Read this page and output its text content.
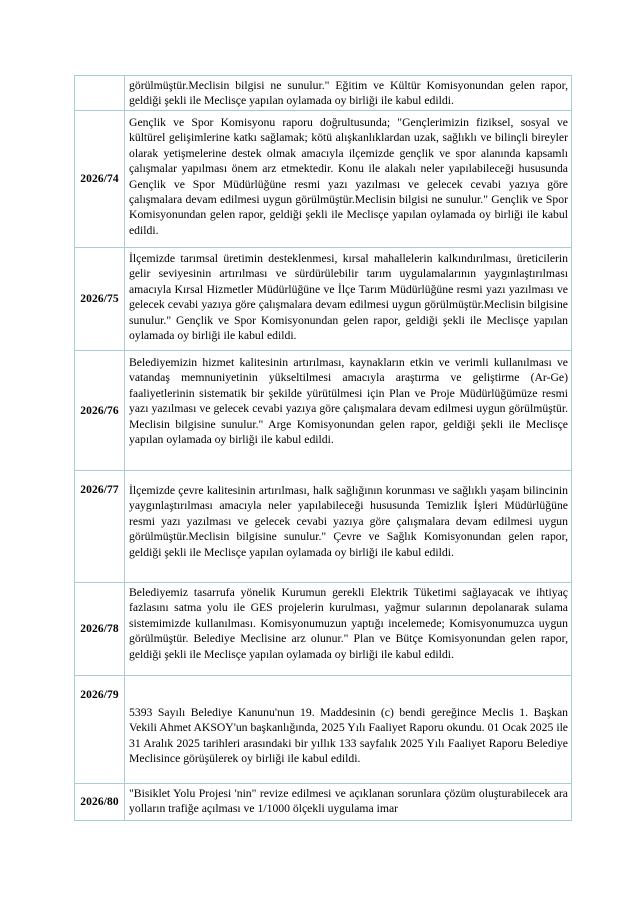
görülmüştür.Meclisin bilgisi ne sunulur." Eğitim ve Kültür Komisyonundan gelen rapor, geldiği şekli ile Meclisçe yapılan oylamada oy birliği ile kabul edildi.
2026/74
Gençlik ve Spor Komisyonu raporu doğrultusunda; "Gençlerimizin fiziksel, sosyal ve kültürel gelişimlerine katkı sağlamak; kötü alışkanlıklardan uzak, sağlıklı ve bilinçli bireyler olarak yetişmelerine destek olmak amacıyla ilçemizde gençlik ve spor alanında kapsamlı çalışmalar yapılması önem arz etmektedir. Konu ile alakalı neler yapılabileceği hususunda Gençlik ve Spor Müdürlüğüne resmi yazı yazılması ve gelecek cevabi yazıya göre çalışmalara devam edilmesi uygun görülmüştür.Meclisin bilgisi ne sunulur." Gençlik ve Spor Komisyonundan gelen rapor, geldiği şekli ile Meclisçe yapılan oylamada oy birliği ile kabul edildi.
2026/75
İlçemizde tarımsal üretimin desteklenmesi, kırsal mahallelerin kalkındırılması, üreticilerin gelir seviyesinin artırılması ve sürdürülebilir tarım uygulamalarının yaygınlaştırılması amacıyla Kırsal Hizmetler Müdürlüğüne ve İlçe Tarım Müdürlüğüne resmi yazı yazılması ve gelecek cevabi yazıya göre çalışmalara devam edilmesi uygun görülmüştür.Meclisin bilgisine sunulur." Gençlik ve Spor Komisyonundan gelen rapor, geldiği şekli ile Meclisçe yapılan oylamada oy birliği ile kabul edildi.
2026/76
Belediyemizin hizmet kalitesinin artırılması, kaynakların etkin ve verimli kullanılması ve vatandaş memnuniyetinin yükseltilmesi amacıyla araştırma ve geliştirme (Ar-Ge) faaliyetlerinin sistematik bir şekilde yürütülmesi için Plan ve Proje Müdürlüğümüze resmi yazı yazılması ve gelecek cevabi yazıya göre çalışmalara devam edilmesi uygun görülmüştür. Meclisin bilgisine sunulur." Arge Komisyonundan gelen rapor, geldiği şekli ile Meclisçe yapılan oylamada oy birliği ile kabul edildi.
2026/77 İlçemizde çevre kalitesinin artırılması, halk sağlığının korunması ve sağlıklı yaşam bilincinin yaygınlaştırılması amacıyla neler yapılabileceği hususunda Temizlik İşleri Müdürlüğüne resmi yazı yazılması ve gelecek cevabi yazıya göre çalışmalara devam edilmesi uygun görülmüştür.Meclisin bilgisine sunulur." Çevre ve Sağlık Komisyonundan gelen rapor, geldiği şekli ile Meclisçe yapılan oylamada oy birliği ile kabul edildi.
2026/78
Belediyemiz tasarrufa yönelik Kurumun gerekli Elektrik Tüketimi sağlayacak ve ihtiyaç fazlasını satma yolu ile GES projelerin kurulması, yağmur sularının depolanarak sulama sistemimizde kullanılması. Komisyonumuzun yaptığı incelemede; Komisyonumuzca uygun görülmüştür. Belediye Meclisine arz olunur." Plan ve Bütçe Komisyonundan gelen rapor, geldiği şekli ile Meclisçe yapılan oylamada oy birliği ile kabul edildi.
2026/79
5393 Sayılı Belediye Kanunu'nun 19. Maddesinin (c) bendi gereğince Meclis 1. Başkan Vekili Ahmet AKSOY'un başkanlığında, 2025 Yılı Faaliyet Raporu okundu. 01 Ocak 2025 ile 31 Aralık 2025 tarihleri arasındaki bir yıllık 133 sayfalık 2025 Yılı Faaliyet Raporu Belediye Meclisince görüşülerek oy birliği ile kabul edildi.
2026/80
"Bisiklet Yolu Projesi 'nin" revize edilmesi ve açıklanan sorunlara çözüm oluşturabilecek ara yolların trafiğe açılması ve 1/1000 ölçekli uygulama imar
